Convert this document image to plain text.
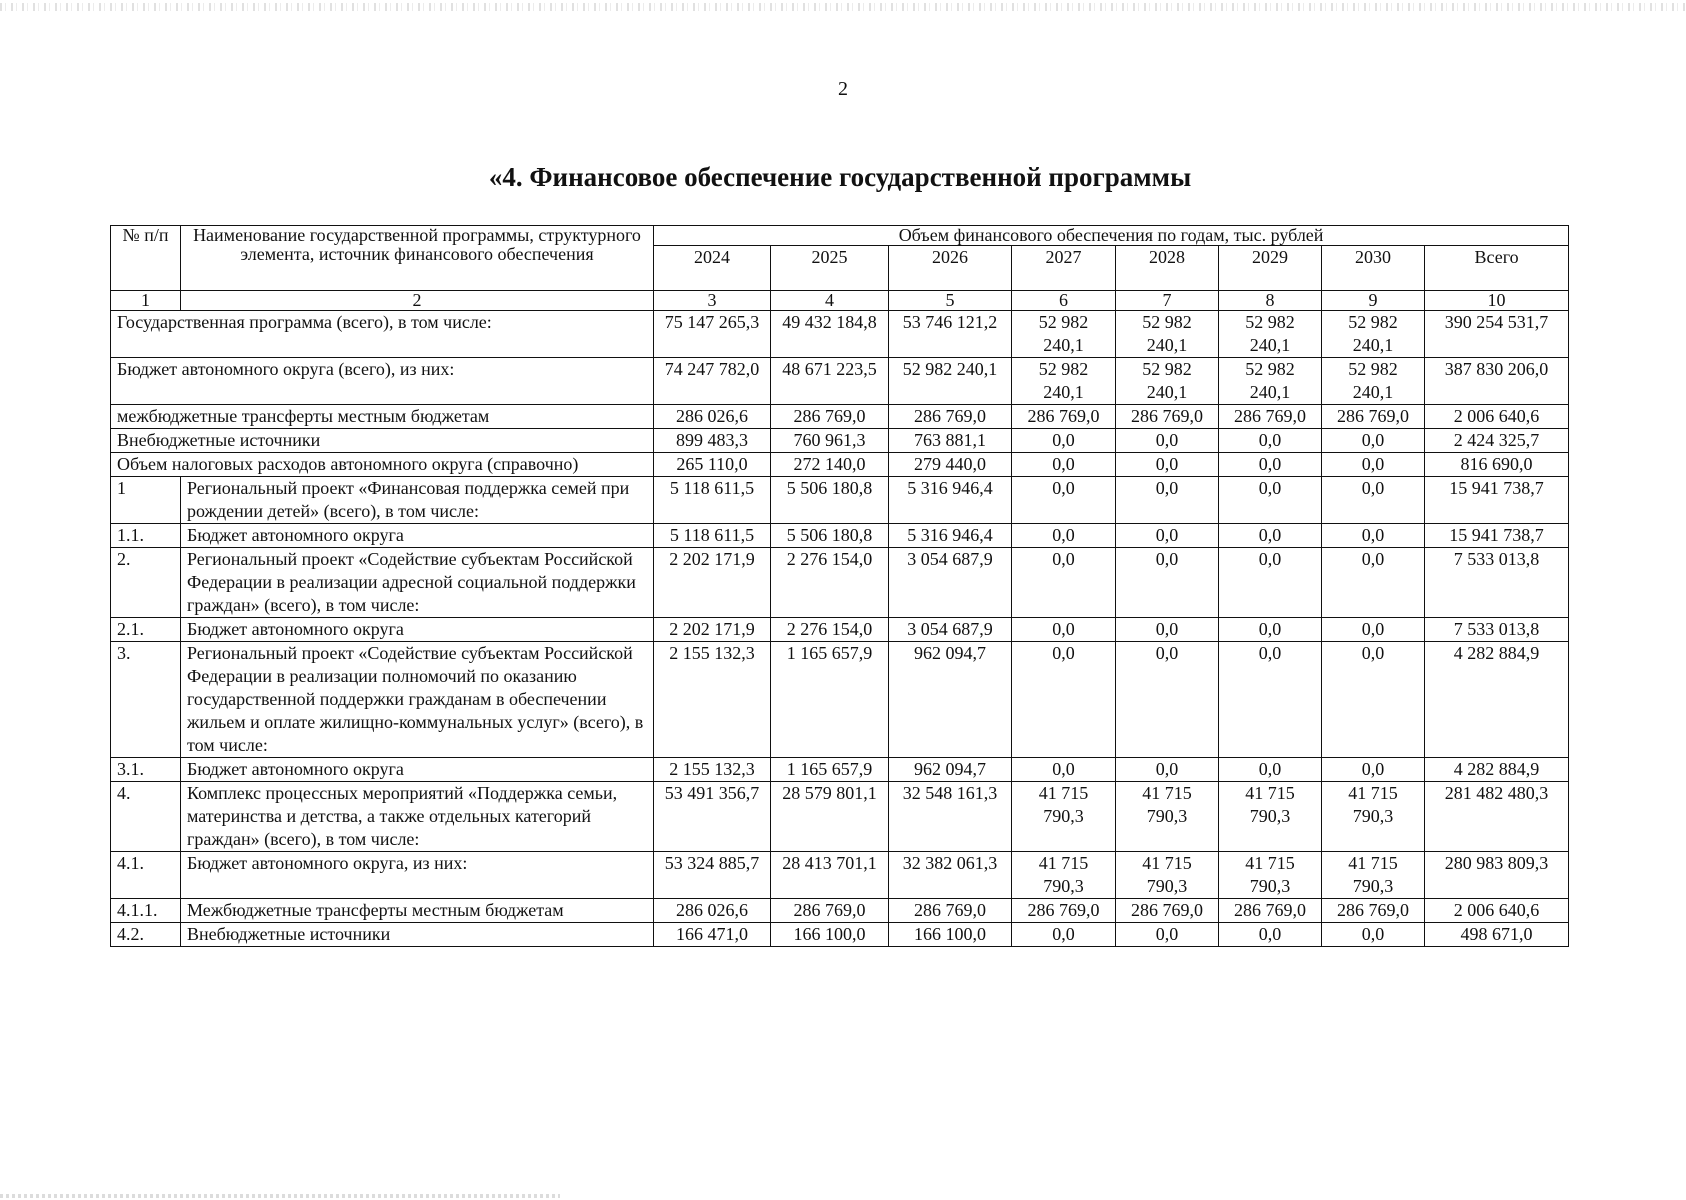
2
«4. Финансовое обеспечение государственной программы
№ п/п	Наименование государственной программы, структурного элемента, источник финансового обеспечения	Объем финансового обеспечения по годам, тыс. рублей							
		2024	2025	2026	2027	2028	2029	2030	Всего
1	2	3	4	5	6	7	8	9	10
Государственная программа (всего), в том числе:		75 147 265,3	49 432 184,8	53 746 121,2	52 982 240,1	52 982 240,1	52 982 240,1	52 982 240,1	390 254 531,7
Бюджет автономного округа (всего), из них:		74 247 782,0	48 671 223,5	52 982 240,1	52 982 240,1	52 982 240,1	52 982 240,1	52 982 240,1	387 830 206,0
межбюджетные трансферты местным бюджетам		286 026,6	286 769,0	286 769,0	286 769,0	286 769,0	286 769,0	286 769,0	2 006 640,6
Внебюджетные источники		899 483,3	760 961,3	763 881,1	0,0	0,0	0,0	0,0	2 424 325,7
Объем налоговых расходов автономного округа (справочно)		265 110,0	272 140,0	279 440,0	0,0	0,0	0,0	0,0	816 690,0
1	Региональный проект «Финансовая поддержка семей при рождении детей» (всего), в том числе:	5 118 611,5	5 506 180,8	5 316 946,4	0,0	0,0	0,0	0,0	15 941 738,7
1.1.	Бюджет автономного округа	5 118 611,5	5 506 180,8	5 316 946,4	0,0	0,0	0,0	0,0	15 941 738,7
2.	Региональный проект «Содействие субъектам Российской Федерации в реализации адресной социальной поддержки граждан» (всего), в том числе:	2 202 171,9	2 276 154,0	3 054 687,9	0,0	0,0	0,0	0,0	7 533 013,8
2.1.	Бюджет автономного округа	2 202 171,9	2 276 154,0	3 054 687,9	0,0	0,0	0,0	0,0	7 533 013,8
3.	Региональный проект «Содействие субъектам Российской Федерации в реализации полномочий по оказанию государственной поддержки гражданам в обеспечении жильем и оплате жилищно-коммунальных услуг» (всего), в том числе:	2 155 132,3	1 165 657,9	962 094,7	0,0	0,0	0,0	0,0	4 282 884,9
3.1.	Бюджет автономного округа	2 155 132,3	1 165 657,9	962 094,7	0,0	0,0	0,0	0,0	4 282 884,9
4.	Комплекс процессных мероприятий «Поддержка семьи, материнства и детства, а также отдельных категорий граждан» (всего), в том числе:	53 491 356,7	28 579 801,1	32 548 161,3	41 715 790,3	41 715 790,3	41 715 790,3	41 715 790,3	281 482 480,3
4.1.	Бюджет автономного округа, из них:	53 324 885,7	28 413 701,1	32 382 061,3	41 715 790,3	41 715 790,3	41 715 790,3	41 715 790,3	280 983 809,3
4.1.1.	Межбюджетные трансферты местным бюджетам	286 026,6	286 769,0	286 769,0	286 769,0	286 769,0	286 769,0	286 769,0	2 006 640,6
4.2.	Внебюджетные источники	166 471,0	166 100,0	166 100,0	0,0	0,0	0,0	0,0	498 671,0
